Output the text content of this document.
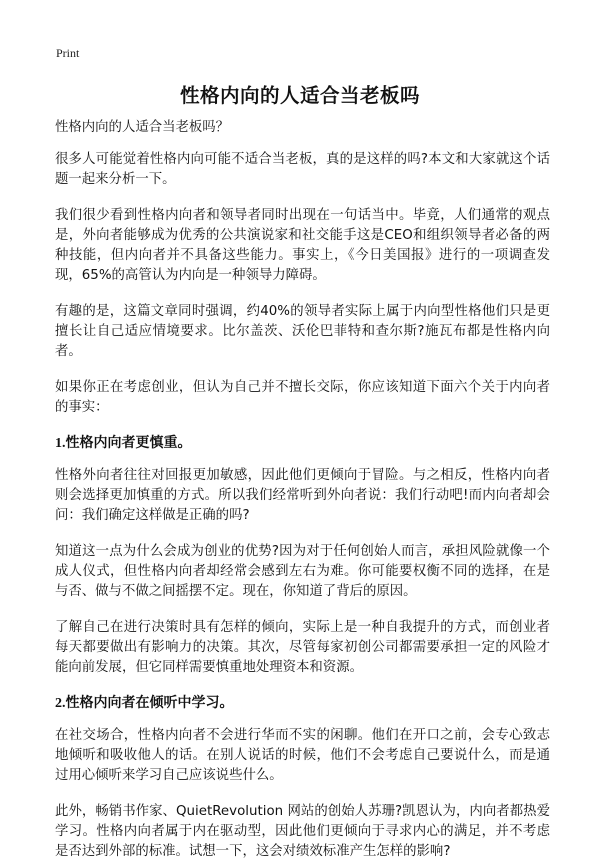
Print
性格内向的人适合当老板吗

性格内向的人适合当老板吗？

很多人可能觉着性格内向可能不适合当老板，真的是这样的吗?本文和大家就这个话题一起来分析一下。

我们很少看到性格内向者和领导者同时出现在一句话当中。毕竟，人们通常的观点是，外向者能够成为优秀的公共演说家和社交能手这是CEO和组织领导者必备的两种技能，但内向者并不具备这些能力。事实上，《今日美国报》进行的一项调查发现，65%的高管认为内向是一种领导力障碍。

有趣的是，这篇文章同时强调，约40%的领导者实际上属于内向型性格他们只是更擅长让自己适应情境要求。比尔盖茨、沃伦巴菲特和查尔斯?施瓦布都是性格内向者。

如果你正在考虑创业，但认为自己并不擅长交际，你应该知道下面六个关于内向者的事实：

1.性格内向者更慎重。

性格外向者往往对回报更加敏感，因此他们更倾向于冒险。与之相反，性格内向者则会选择更加慎重的方式。所以我们经常听到外向者说：我们行动吧!而内向者却会问：我们确定这样做是正确的吗?

知道这一点为什么会成为创业的优势?因为对于任何创始人而言，承担风险就像一个成人仪式，但性格内向者却经常会感到左右为难。你可能要权衡不同的选择，在是与否、做与不做之间摇摆不定。现在，你知道了背后的原因。

了解自己在进行决策时具有怎样的倾向，实际上是一种自我提升的方式，而创业者每天都要做出有影响力的决策。其次，尽管每家初创公司都需要承担一定的风险才能向前发展，但它同样需要慎重地处理资本和资源。

2.性格内向者在倾听中学习。

在社交场合，性格内向者不会进行华而不实的闲聊。他们在开口之前，会专心致志地倾听和吸收他人的话。在别人说话的时候，他们不会考虑自己要说什么，而是通过用心倾听来学习自己应该说些什么。

此外，畅销书作家、QuietRevolution 网站的创始人苏珊?凯恩认为，内向者都热爱学习。性格内向者属于内在驱动型，因此他们更倾向于寻求内心的满足，并不考虑是否达到外部的标准。试想一下，这会对绩效标准产生怎样的影响?
